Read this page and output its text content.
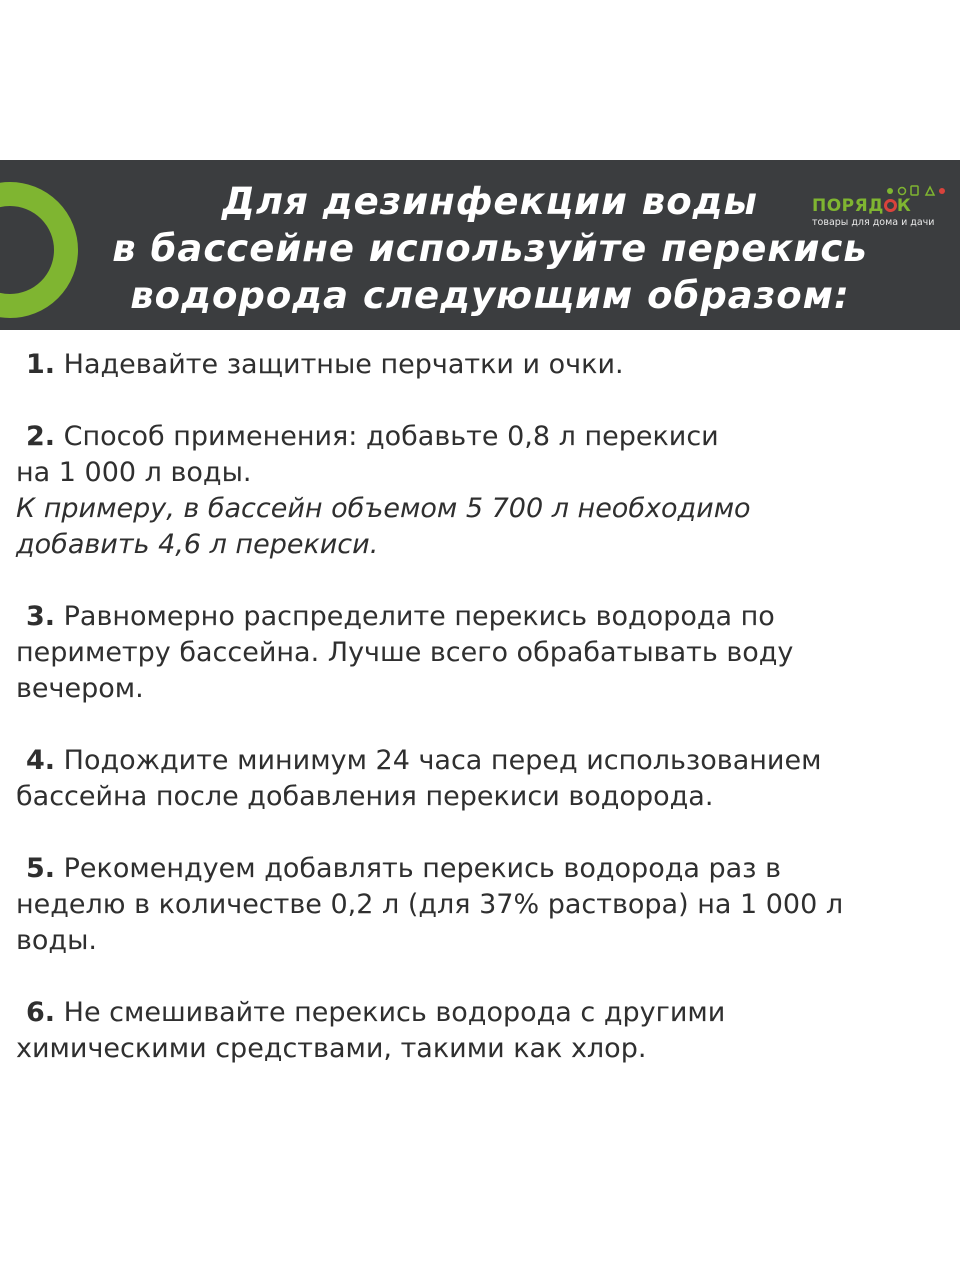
Для дезинфекции воды
в бассейне используйте перекись
водорода следующим образом:
ПОРЯД К
товары для дома и дачи
1. Надевайте защитные перчатки и очки.
2. Способ применения: добавьте 0,8 л перекиси
на 1 000 л воды.
К примеру, в бассейн объемом 5 700 л необходимо
добавить 4,6 л перекиси.
3. Равномерно распределите перекись водорода по
периметру бассейна. Лучше всего обрабатывать воду
вечером.
4. Подождите минимум 24 часа перед использованием
бассейна после добавления перекиси водорода.
5. Рекомендуем добавлять перекись водорода раз в
неделю в количестве 0,2 л (для 37% раствора) на 1 000 л
воды.
6. Не смешивайте перекись водорода с другими
химическими средствами, такими как хлор.
